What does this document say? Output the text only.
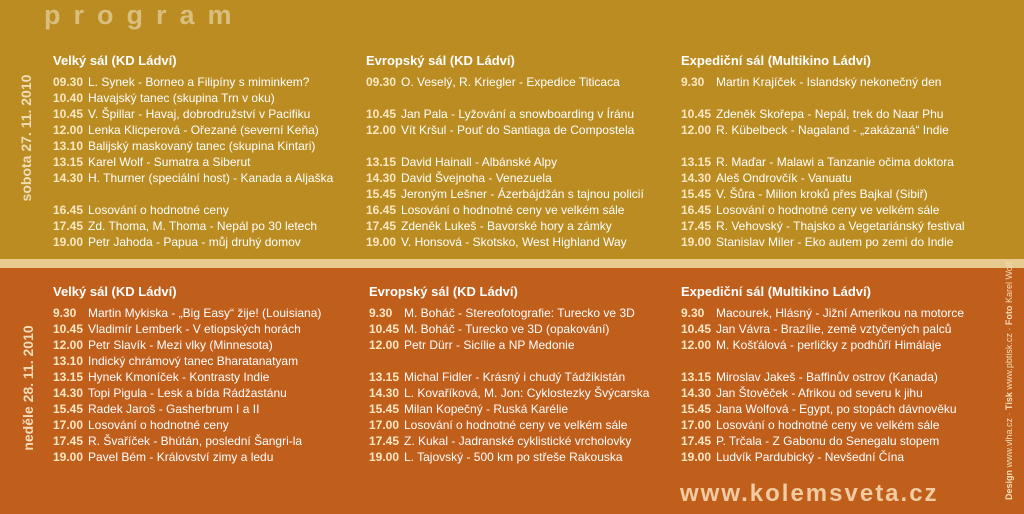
program
sobota 27. 11. 2010
neděle 28. 11. 2010
Velký sál (KD Ládví)
09.30 L. Synek - Borneo a Filipíny s miminkem?
10.40 Havajský tanec (skupina Trn v oku)
10.45 V. Špillar - Havaj, dobrodružství v Pacifiku
12.00 Lenka Klicperová - Ořezané (severní Keňa)
13.10 Balijský maskovaný tanec (skupina Kintari)
13.15 Karel Wolf - Sumatra a Siberut
14.30 H. Thurner (speciální host) - Kanada a Aljaška
16.45 Losování o hodnotné ceny
17.45 Zd. Thoma, M. Thoma - Nepál po 30 letech
19.00 Petr Jahoda - Papua - můj druhý domov
Evropský sál (KD Ládví)
09.30 O. Veselý, R. Kriegler - Expedice Titicaca
10.45 Jan Pala - Lyžování a snowboarding v Íránu
12.00 Vít Kršul - Pouť do Santiaga de Compostela
13.15 David Hainall - Albánské Alpy
14.30 David Švejnoha - Venezuela
15.45 Jeroným Lešner - Ázerbájdžán s tajnou policií
16.45 Losování o hodnotné ceny ve velkém sále
17.45 Zdeněk Lukeš - Bavorské hory a zámky
19.00 V. Honsová - Skotsko, West Highland Way
Expediční sál (Multikino Ládví)
9.30 Martin Krajíček - Islandský nekonečný den
10.45 Zdeněk Skořepa - Nepál, trek do Naar Phu
12.00 R. Kübelbeck - Nagaland - „zakázaná“ Indie
13.15 R. Maďar - Malawi a Tanzanie očima doktora
14.30 Aleš Ondrovčík - Vanuatu
15.45 V. Šůra - Milion kroků přes Bajkal (Sibiř)
16.45 Losování o hodnotné ceny ve velkém sále
17.45 R. Vehovský - Thajsko a Vegetariánský festival
19.00 Stanislav Miler - Eko autem po zemi do Indie
Velký sál (KD Ládví)
9.30 Martin Mykiska - „Big Easy“ žije! (Louisiana)
10.45 Vladimír Lemberk - V etiopských horách
12.00 Petr Slavík - Mezi vlky (Minnesota)
13.10 Indický chrámový tanec Bharatanatyam
13.15 Hynek Kmoníček - Kontrasty Indie
14.30 Topi Pigula - Lesk a bída Rádžastánu
15.45 Radek Jaroš - Gasherbrum I a II
17.00 Losování o hodnotné ceny
17.45 R. Švaříček - Bhútán, poslední Šangri-la
19.00 Pavel Bém - Království zimy a ledu
Evropský sál (KD Ládví)
9.30 M. Boháč - Stereofotografie: Turecko ve 3D
10.45 M. Boháč - Turecko ve 3D (opakování)
12.00 Petr Dürr - Sicílie a NP Medonie
13.15 Michal Fidler - Krásný i chudý Tádžikistán
14.30 L. Kovaříková, M. Jon: Cyklostezky Švýcarska
15.45 Milan Kopečný - Ruská Karélie
17.00 Losování o hodnotné ceny ve velkém sále
17.45 Z. Kukal - Jadranské cyklistické vrcholovky
19.00 L. Tajovský - 500 km po střeše Rakouska
Expediční sál (Multikino Ládví)
9.30 Macourek, Hlásný - Jižní Amerikou na motorce
10.45 Jan Vávra - Brazílie, země vztyčených palců
12.00 M. Košťálová - perličky z podhůří Himálaje
13.15 Miroslav Jakeš - Baffinův ostrov (Kanada)
14.30 Jan Štověček - Afrikou od severu k jihu
15.45 Jana Wolfová - Egypt, po stopách dávnověku
17.00 Losování o hodnotné ceny ve velkém sále
17.45 P. Trčala - Z Gabonu do Senegalu stopem
19.00 Ludvík Pardubický - Nevšední Čína
Design www.vlha.cz · Tisk www.pbtisk.cz · Foto Karel Wolf
www.kolemsveta.cz
